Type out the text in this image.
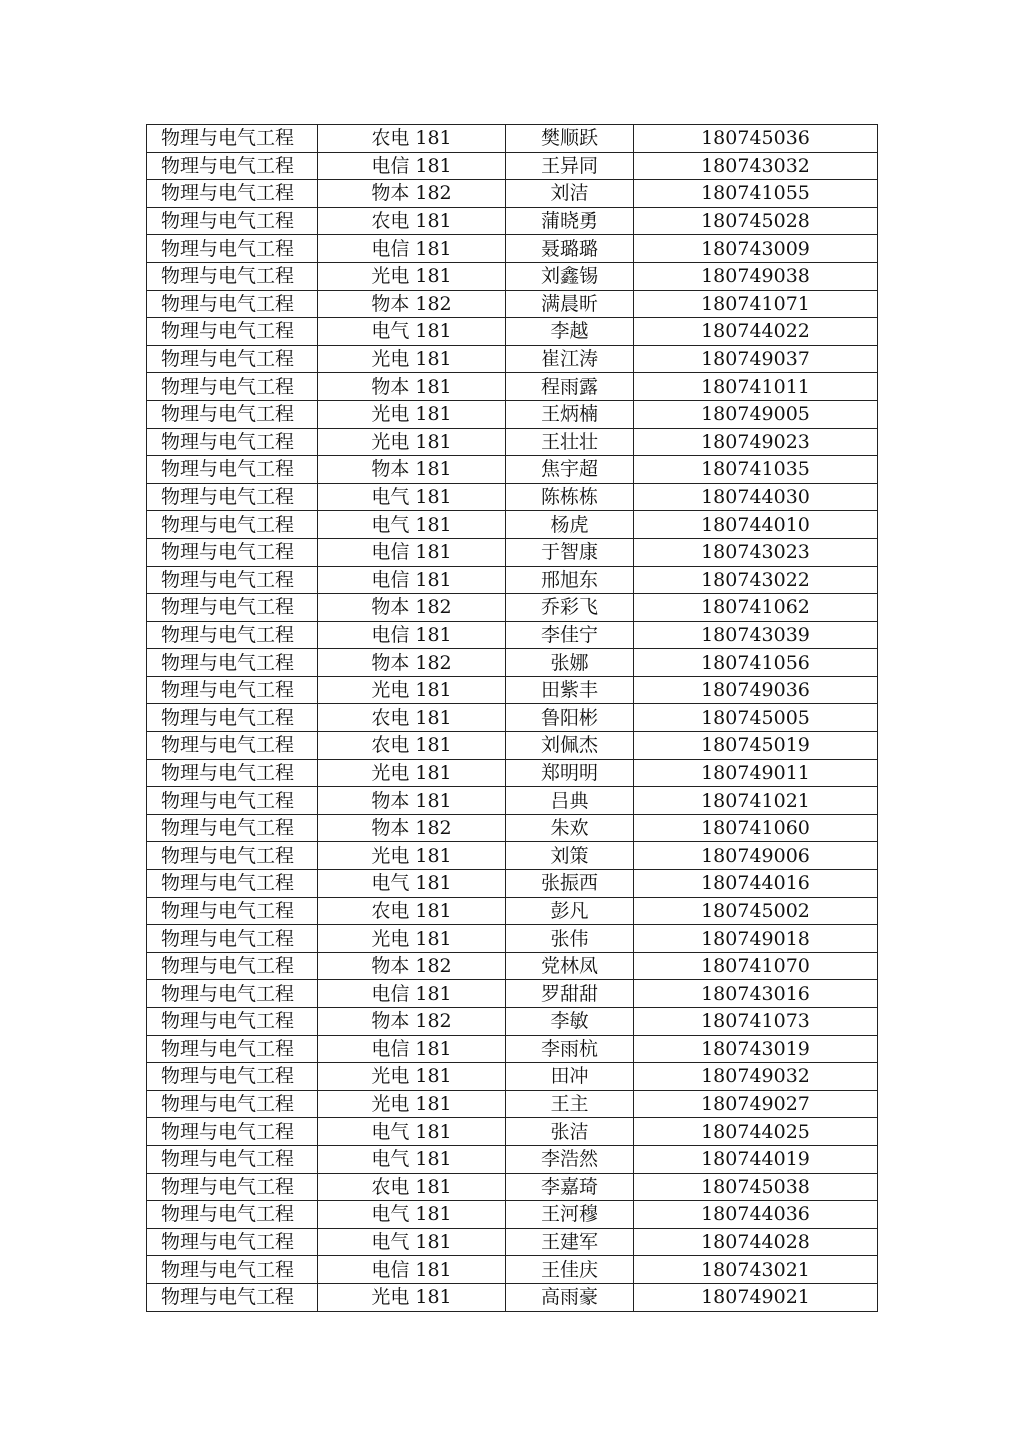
物理与电气工程	农电 181	樊顺跃	180745036
物理与电气工程	电信 181	王异同	180743032
物理与电气工程	物本 182	刘洁	180741055
物理与电气工程	农电 181	蒲晓勇	180745028
物理与电气工程	电信 181	聂璐璐	180743009
物理与电气工程	光电 181	刘鑫锡	180749038
物理与电气工程	物本 182	满晨昕	180741071
物理与电气工程	电气 181	李越	180744022
物理与电气工程	光电 181	崔江涛	180749037
物理与电气工程	物本 181	程雨露	180741011
物理与电气工程	光电 181	王炳楠	180749005
物理与电气工程	光电 181	王壮壮	180749023
物理与电气工程	物本 181	焦宇超	180741035
物理与电气工程	电气 181	陈栋栋	180744030
物理与电气工程	电气 181	杨虎	180744010
物理与电气工程	电信 181	于智康	180743023
物理与电气工程	电信 181	邢旭东	180743022
物理与电气工程	物本 182	乔彩飞	180741062
物理与电气工程	电信 181	李佳宁	180743039
物理与电气工程	物本 182	张娜	180741056
物理与电气工程	光电 181	田紫丰	180749036
物理与电气工程	农电 181	鲁阳彬	180745005
物理与电气工程	农电 181	刘佩杰	180745019
物理与电气工程	光电 181	郑明明	180749011
物理与电气工程	物本 181	吕典	180741021
物理与电气工程	物本 182	朱欢	180741060
物理与电气工程	光电 181	刘策	180749006
物理与电气工程	电气 181	张振西	180744016
物理与电气工程	农电 181	彭凡	180745002
物理与电气工程	光电 181	张伟	180749018
物理与电气工程	物本 182	党林凤	180741070
物理与电气工程	电信 181	罗甜甜	180743016
物理与电气工程	物本 182	李敏	180741073
物理与电气工程	电信 181	李雨杭	180743019
物理与电气工程	光电 181	田冲	180749032
物理与电气工程	光电 181	王主	180749027
物理与电气工程	电气 181	张洁	180744025
物理与电气工程	电气 181	李浩然	180744019
物理与电气工程	农电 181	李嘉琦	180745038
物理与电气工程	电气 181	王河穆	180744036
物理与电气工程	电气 181	王建军	180744028
物理与电气工程	电信 181	王佳庆	180743021
物理与电气工程	光电 181	高雨豪	180749021
